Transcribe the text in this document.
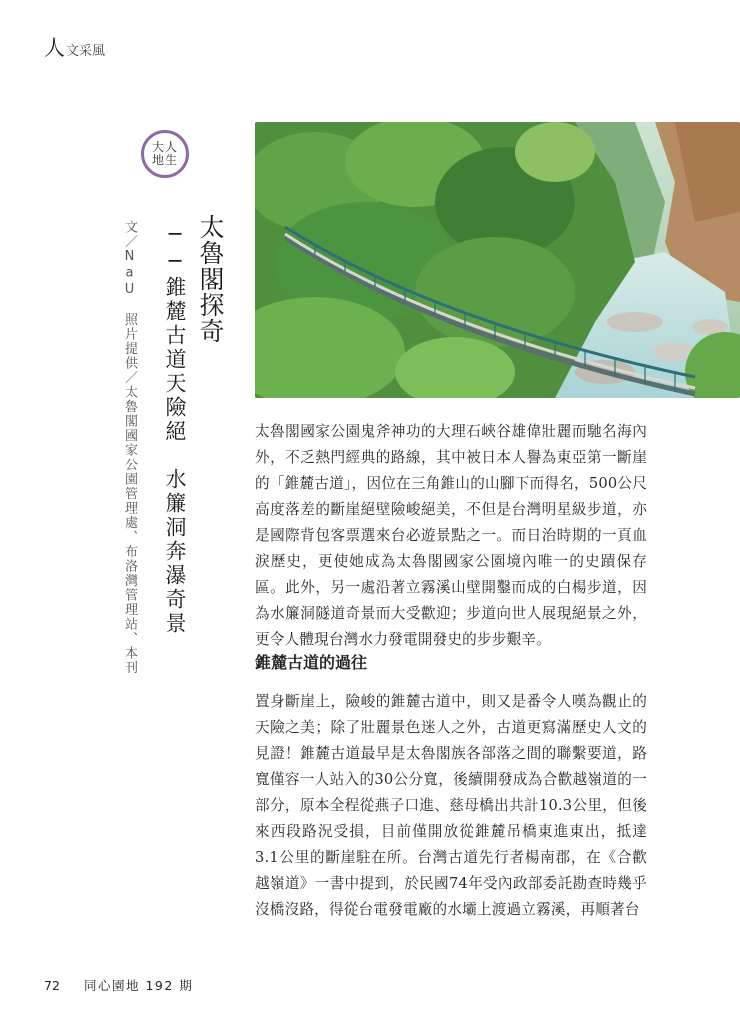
人 文采風
大人
地生
太魯閣探奇
──錐麓古道天險絕　水簾洞奔瀑奇景
文／NaU照片提供／太魯閣國家公園管理處、布洛灣管理站、本刊	太魯閣國家公園鬼斧神功的大理石峽谷雄偉壯麗而馳名海內外，不乏熱門經典的路線，其中被日本人譽為東亞第一斷崖的「錐麓古道」，因位在三角錐山的山腳下而得名，500公尺高度落差的斷崖絕壁險峻絕美，不但是台灣明星級步道，亦是國際背包客票選來台必遊景點之一。而日治時期的一頁血淚歷史，更使她成為太魯閣國家公園境內唯一的史蹟保存區。此外，另一處沿著立霧溪山壁開鑿而成的白楊步道，因為水簾洞隧道奇景而大受歡迎；步道向世人展現絕景之外，更令人體現台灣水力發電開發史的步步艱辛。
錐麓古道的過往
置身斷崖上，險峻的錐麓古道中，則又是番令人嘆為觀止的天險之美；除了壯麗景色迷人之外，古道更寫滿歷史人文的見證！錐麓古道最早是太魯閣族各部落之間的聯繫要道，路寬僅容一人站入的30公分寬，後續開發成為合歡越嶺道的一部分，原本全程從燕子口進、慈母橋出共計10.3公里，但後來西段路況受損，目前僅開放從錐麓吊橋東進東出，抵達3.1公里的斷崖駐在所。台灣古道先行者楊南郡，在《合歡越嶺道》一書中提到，於民國74年受內政部委託勘查時幾乎沒橋沒路，得從台電發電廠的水壩上渡過立霧溪，再順著台
72	同心園地 192 期
